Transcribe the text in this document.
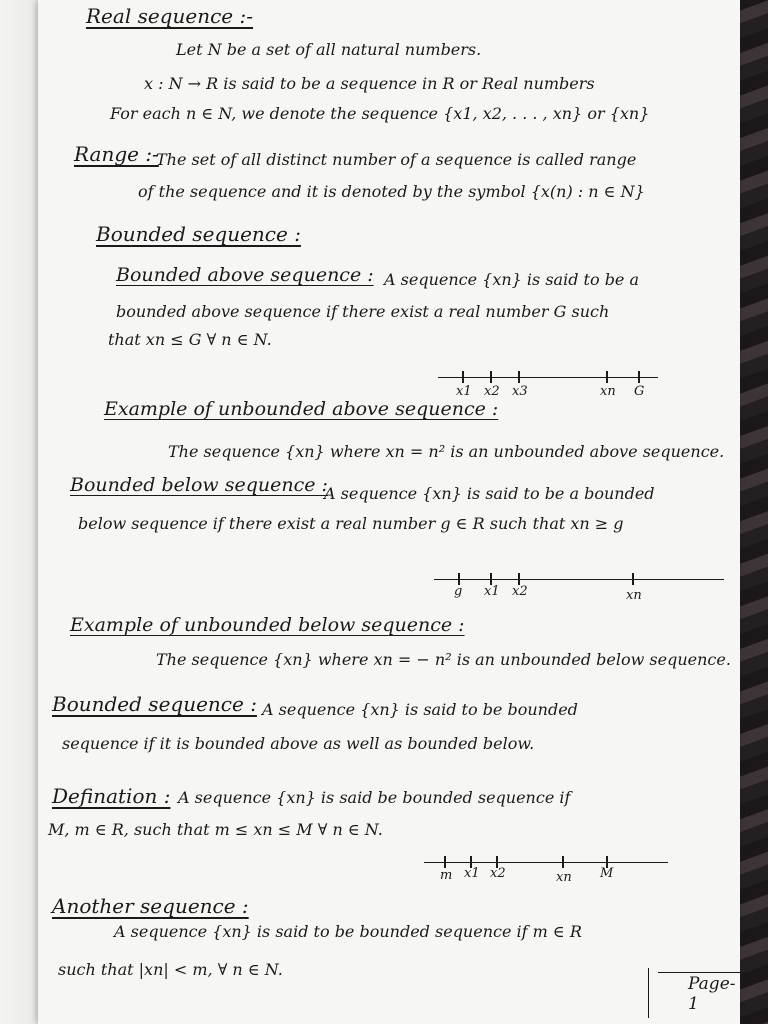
Real sequence :-
Let N be a set of all natural numbers.
x : N → R is said to be a sequence in R or Real numbers
For each n ∈ N, we denote the sequence {x1, x2, . . . , xn} or {xn}
Range :-
The set of all distinct number of a sequence is called range
of the sequence and it is denoted by the symbol {x(n) : n ∈ N}
Bounded sequence :
Bounded above sequence : A sequence {xn} is said to be a
bounded above sequence if there exist a real number G such
that xn ≤ G ∀ n ∈ N.
x1 x2 x3	xn G
Example of unbounded above sequence :
The sequence {xn} where xn = n² is an unbounded above sequence.
Bounded below sequence :
A sequence {xn} is said to be a bounded
below sequence if there exist a real number g ∈ R such that xn ≥ g
g x1 x2	xn
Example of unbounded below sequence :
The sequence {xn} where xn = − n² is an unbounded below sequence.
Bounded sequence : A sequence {xn} is said to be bounded
sequence if it is bounded above as well as bounded below.
Defination : A sequence {xn} is said be bounded sequence if
M, m ∈ R, such that m ≤ xn ≤ M ∀ n ∈ N.
m x1 x2	xn M
Another sequence :
A sequence {xn} is said to be bounded sequence if m ∈ R
such that |xn| < m, ∀ n ∈ N.
Page-1
